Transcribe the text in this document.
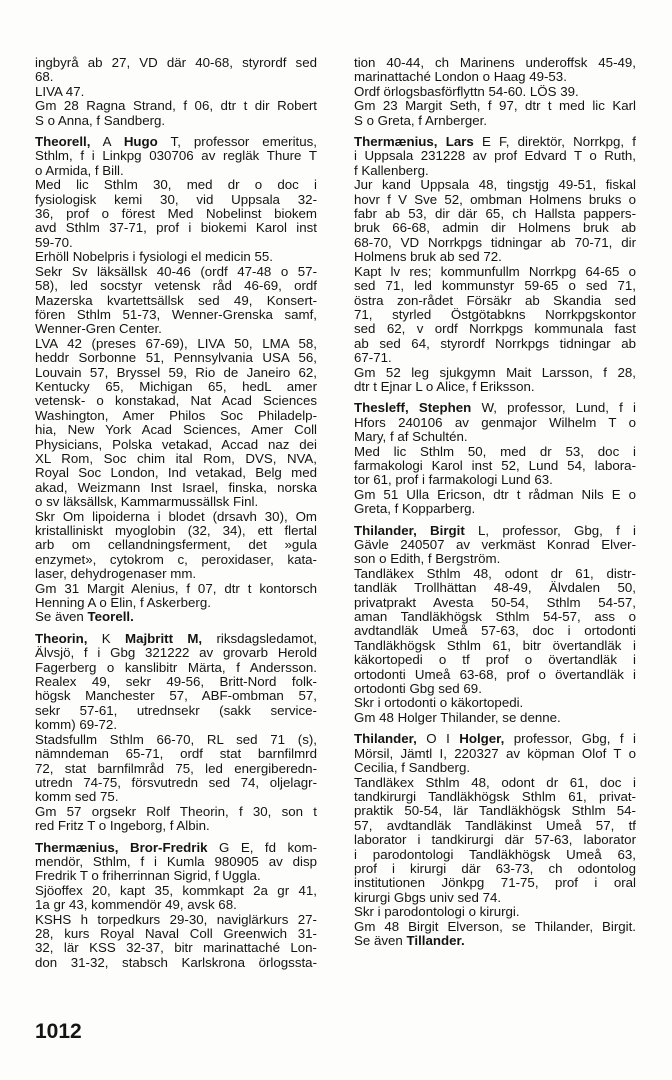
ingbyrå ab 27, VD där 40-68, styrordf sed
68.
LIVA 47.
Gm 28 Ragna Strand, f 06, dtr t dir Robert
S o Anna, f Sandberg.
Theorell, A Hugo T, professor emeritus,
Sthlm, f i Linkpg 030706 av regläk Thure T
o Armida, f Bill.
Med lic Sthlm 30, med dr o doc i
fysiologisk kemi 30, vid Uppsala 32-
36, prof o förest Med Nobelinst biokem
avd Sthlm 37-71, prof i biokemi Karol inst
59-70.
Erhöll Nobelpris i fysiologi el medicin 55.
Sekr Sv läksällsk 40-46 (ordf 47-48 o 57-
58), led socstyr vetensk råd 46-69, ordf
Mazerska kvartettsällsk sed 49, Konsert-
fören Sthlm 51-73, Wenner-Grenska samf,
Wenner-Gren Center.
LVA 42 (preses 67-69), LIVA 50, LMA 58,
heddr Sorbonne 51, Pennsylvania USA 56,
Louvain 57, Bryssel 59, Rio de Janeiro 62,
Kentucky 65, Michigan 65, hedL amer
vetensk- o konstakad, Nat Acad Sciences
Washington, Amer Philos Soc Philadelp-
hia, New York Acad Sciences, Amer Coll
Physicians, Polska vetakad, Accad naz dei
XL Rom, Soc chim ital Rom, DVS, NVA,
Royal Soc London, Ind vetakad, Belg med
akad, Weizmann Inst Israel, finska, norska
o sv läksällsk, Kammarmussällsk Finl.
Skr Om lipoiderna i blodet (drsavh 30), Om
kristalliniskt myoglobin (32, 34), ett flertal
arb om cellandningsferment, det »gula
enzymet», cytokrom c, peroxidaser, kata-
laser, dehydrogenaser mm.
Gm 31 Margit Alenius, f 07, dtr t kontorsch
Henning A o Elin, f Askerberg.
Se även Teorell.
Theorin, K Majbritt M, riksdagsledamot,
Älvsjö, f i Gbg 321222 av grovarb Herold
Fagerberg o kanslibitr Märta, f Andersson.
Realex 49, sekr 49-56, Britt-Nord folk-
högsk Manchester 57, ABF-ombman 57,
sekr 57-61, utrednsekr (sakk service-
komm) 69-72.
Stadsfullm Sthlm 66-70, RL sed 71 (s),
nämndeman 65-71, ordf stat barnfilmrd
72, stat barnfilmråd 75, led energiberedn-
utredn 74-75, försvutredn sed 74, oljelagr-
komm sed 75.
Gm 57 orgsekr Rolf Theorin, f 30, son t
red Fritz T o Ingeborg, f Albin.
Thermænius, Bror-Fredrik G E, fd kom-
mendör, Sthlm, f i Kumla 980905 av disp
Fredrik T o friherrinnan Sigrid, f Uggla.
Sjöoffex 20, kapt 35, kommkapt 2a gr 41,
1a gr 43, kommendör 49, avsk 68.
KSHS h torpedkurs 29-30, naviglärkurs 27-
28, kurs Royal Naval Coll Greenwich 31-
32, lär KSS 32-37, bitr marinattaché Lon-
don 31-32, stabsch Karlskrona örlogssta-
tion 40-44, ch Marinens underoffsk 45-49,
marinattaché London o Haag 49-53.
Ordf örlogsbasförflyttn 54-60. LÖS 39.
Gm 23 Margit Seth, f 97, dtr t med lic Karl
S o Greta, f Arnberger.
Thermænius, Lars E F, direktör, Norrkpg, f
i Uppsala 231228 av prof Edvard T o Ruth,
f Kallenberg.
Jur kand Uppsala 48, tingstjg 49-51, fiskal
hovr f V Sve 52, ombman Holmens bruks o
fabr ab 53, dir där 65, ch Hallsta pappers-
bruk 66-68, admin dir Holmens bruk ab
68-70, VD Norrkpgs tidningar ab 70-71, dir
Holmens bruk ab sed 72.
Kapt lv res; kommunfullm Norrkpg 64-65 o
sed 71, led kommunstyr 59-65 o sed 71,
östra zon-rådet Försäkr ab Skandia sed
71, styrled Östgötabkns Norrkpgskontor
sed 62, v ordf Norrkpgs kommunala fast
ab sed 64, styrordf Norrkpgs tidningar ab
67-71.
Gm 52 leg sjukgymn Mait Larsson, f 28,
dtr t Ejnar L o Alice, f Eriksson.
Thesleff, Stephen W, professor, Lund, f i
Hfors 240106 av genmajor Wilhelm T o
Mary, f af Schultén.
Med lic Sthlm 50, med dr 53, doc i
farmakologi Karol inst 52, Lund 54, labora-
tor 61, prof i farmakologi Lund 63.
Gm 51 Ulla Ericson, dtr t rådman Nils E o
Greta, f Kopparberg.
Thilander, Birgit L, professor, Gbg, f i
Gävle 240507 av verkmäst Konrad Elver-
son o Edith, f Bergström.
Tandläkex Sthlm 48, odont dr 61, distr-
tandläk Trollhättan 48-49, Älvdalen 50,
privatprakt Avesta 50-54, Sthlm 54-57,
aman Tandläkhögsk Sthlm 54-57, ass o
avdtandläk Umeå 57-63, doc i ortodonti
Tandläkhögsk Sthlm 61, bitr övertandläk i
käkortopedi o tf prof o övertandläk i
ortodonti Umeå 63-68, prof o övertandläk i
ortodonti Gbg sed 69.
Skr i ortodonti o käkortopedi.
Gm 48 Holger Thilander, se denne.
Thilander, O I Holger, professor, Gbg, f i
Mörsil, Jämtl I, 220327 av köpman Olof T o
Cecilia, f Sandberg.
Tandläkex Sthlm 48, odont dr 61, doc i
tandkirurgi Tandläkhögsk Sthlm 61, privat-
praktik 50-54, lär Tandläkhögsk Sthlm 54-
57, avdtandläk Tandläkinst Umeå 57, tf
laborator i tandkirurgi där 57-63, laborator
i parodontologi Tandläkhögsk Umeå 63,
prof i kirurgi där 63-73, ch odontolog
institutionen Jönkpg 71-75, prof i oral
kirurgi Gbgs univ sed 74.
Skr i parodontologi o kirurgi.
Gm 48 Birgit Elverson, se Thilander, Birgit.
Se även Tillander.
1012
